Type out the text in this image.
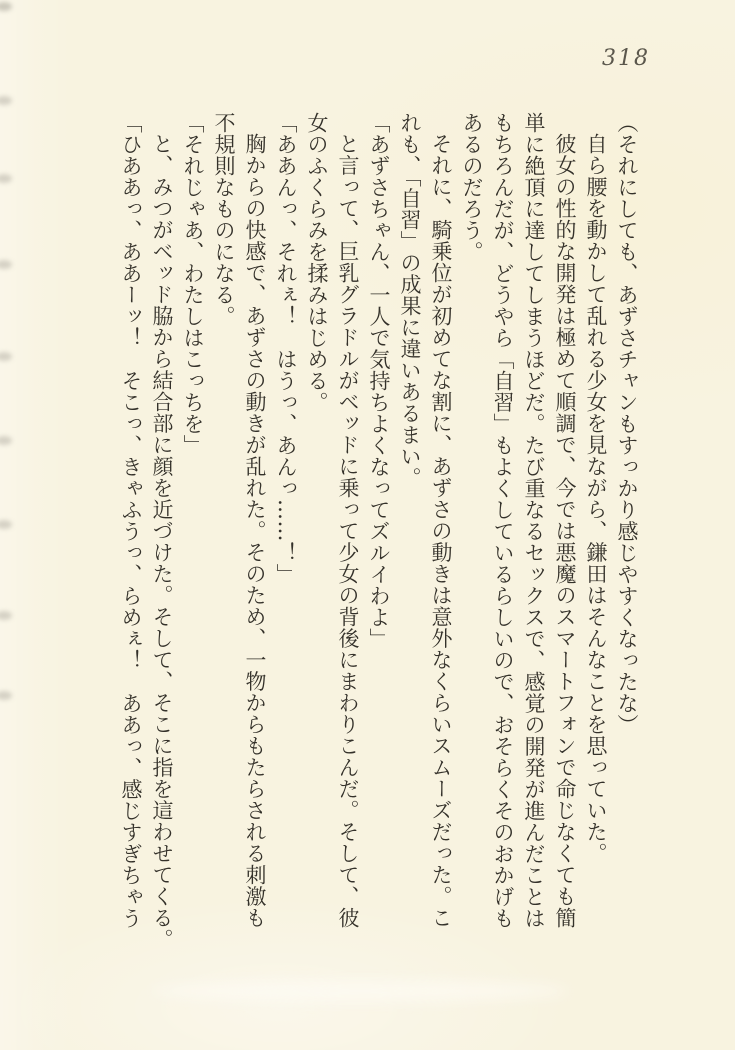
318
（それにしても、あずさチャンもすっかり感じやすくなったな）
自ら腰を動かして乱れる少女を見ながら、鎌田はそんなことを思っていた。
彼女の性的な開発は極めて順調で、今では悪魔のスマートフォンで命じなくても簡
単に絶頂に達してしまうほどだ。たび重なるセックスで、感覚の開発が進んだことは
もちろんだが、どうやら「自習」もよくしているらしいので、おそらくそのおかげも
あるのだろう。
それに、騎乗位が初めてな割に、あずさの動きは意外なくらいスムーズだった。こ
れも、「自習」の成果に違いあるまい。
「あずさちゃん、一人で気持ちよくなってズルイわよ」
と言って、巨乳グラドルがベッドに乗って少女の背後にまわりこんだ。そして、彼
女のふくらみを揉みはじめる。
「ああんっ、それぇ！　はうっ、あんっ……！」
胸からの快感で、あずさの動きが乱れた。そのため、一物からもたらされる刺激も
不規則なものになる。
「それじゃあ、わたしはこっちを」
と、みつがベッド脇から結合部に顔を近づけた。そして、そこに指を這わせてくる。
「ひああっ、ああーッ！　そこっ、きゃふうっ、らめぇ！　ああっ、感じすぎちゃう
